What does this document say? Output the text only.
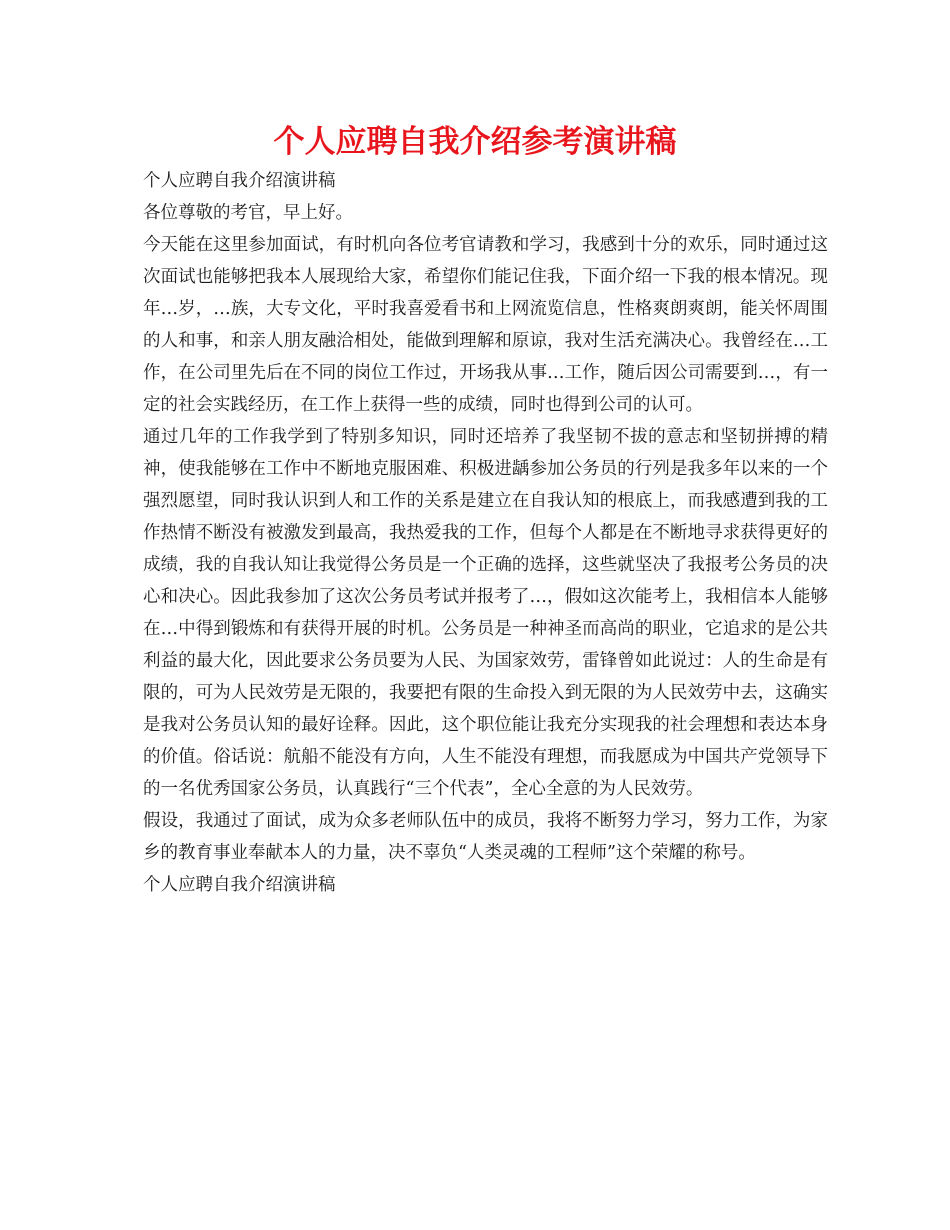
个人应聘自我介绍参考演讲稿

个人应聘自我介绍演讲稿

各位尊敬的考官，早上好。

今天能在这里参加面试，有时机向各位考官请教和学习，我感到十分的欢乐，同时通过这次面试也能够把我本人展现给大家，希望你们能记住我，下面介绍一下我的根本情况。现年…岁，…族，大专文化，平时我喜爱看书和上网流览信息，性格爽朗爽朗，能关怀周围的人和事，和亲人朋友融洽相处，能做到理解和原谅，我对生活充满决心。我曾经在…工作，在公司里先后在不同的岗位工作过，开场我从事…工作，随后因公司需要到…，有一定的社会实践经历，在工作上获得一些的成绩，同时也得到公司的认可。

通过几年的工作我学到了特别多知识，同时还培养了我坚韧不拔的意志和坚韧拼搏的精神，使我能够在工作中不断地克服困难、积极进龋参加公务员的行列是我多年以来的一个强烈愿望，同时我认识到人和工作的关系是建立在自我认知的根底上，而我感遭到我的工作热情不断没有被激发到最高，我热爱我的工作，但每个人都是在不断地寻求获得更好的成绩，我的自我认知让我觉得公务员是一个正确的选择，这些就坚决了我报考公务员的决心和决心。因此我参加了这次公务员考试并报考了…，假如这次能考上，我相信本人能够在…中得到锻炼和有获得开展的时机。公务员是一种神圣而高尚的职业，它追求的是公共利益的最大化，因此要求公务员要为人民、为国家效劳，雷锋曾如此说过：人的生命是有限的，可为人民效劳是无限的，我要把有限的生命投入到无限的为人民效劳中去，这确实是我对公务员认知的最好诠释。因此，这个职位能让我充分实现我的社会理想和表达本身的价值。俗话说：航船不能没有方向，人生不能没有理想，而我愿成为中国共产党领导下的一名优秀国家公务员，认真践行“三个代表”，全心全意的为人民效劳。

假设，我通过了面试，成为众多老师队伍中的成员，我将不断努力学习，努力工作，为家乡的教育事业奉献本人的力量，决不辜负“人类灵魂的工程师”这个荣耀的称号。

个人应聘自我介绍演讲稿
